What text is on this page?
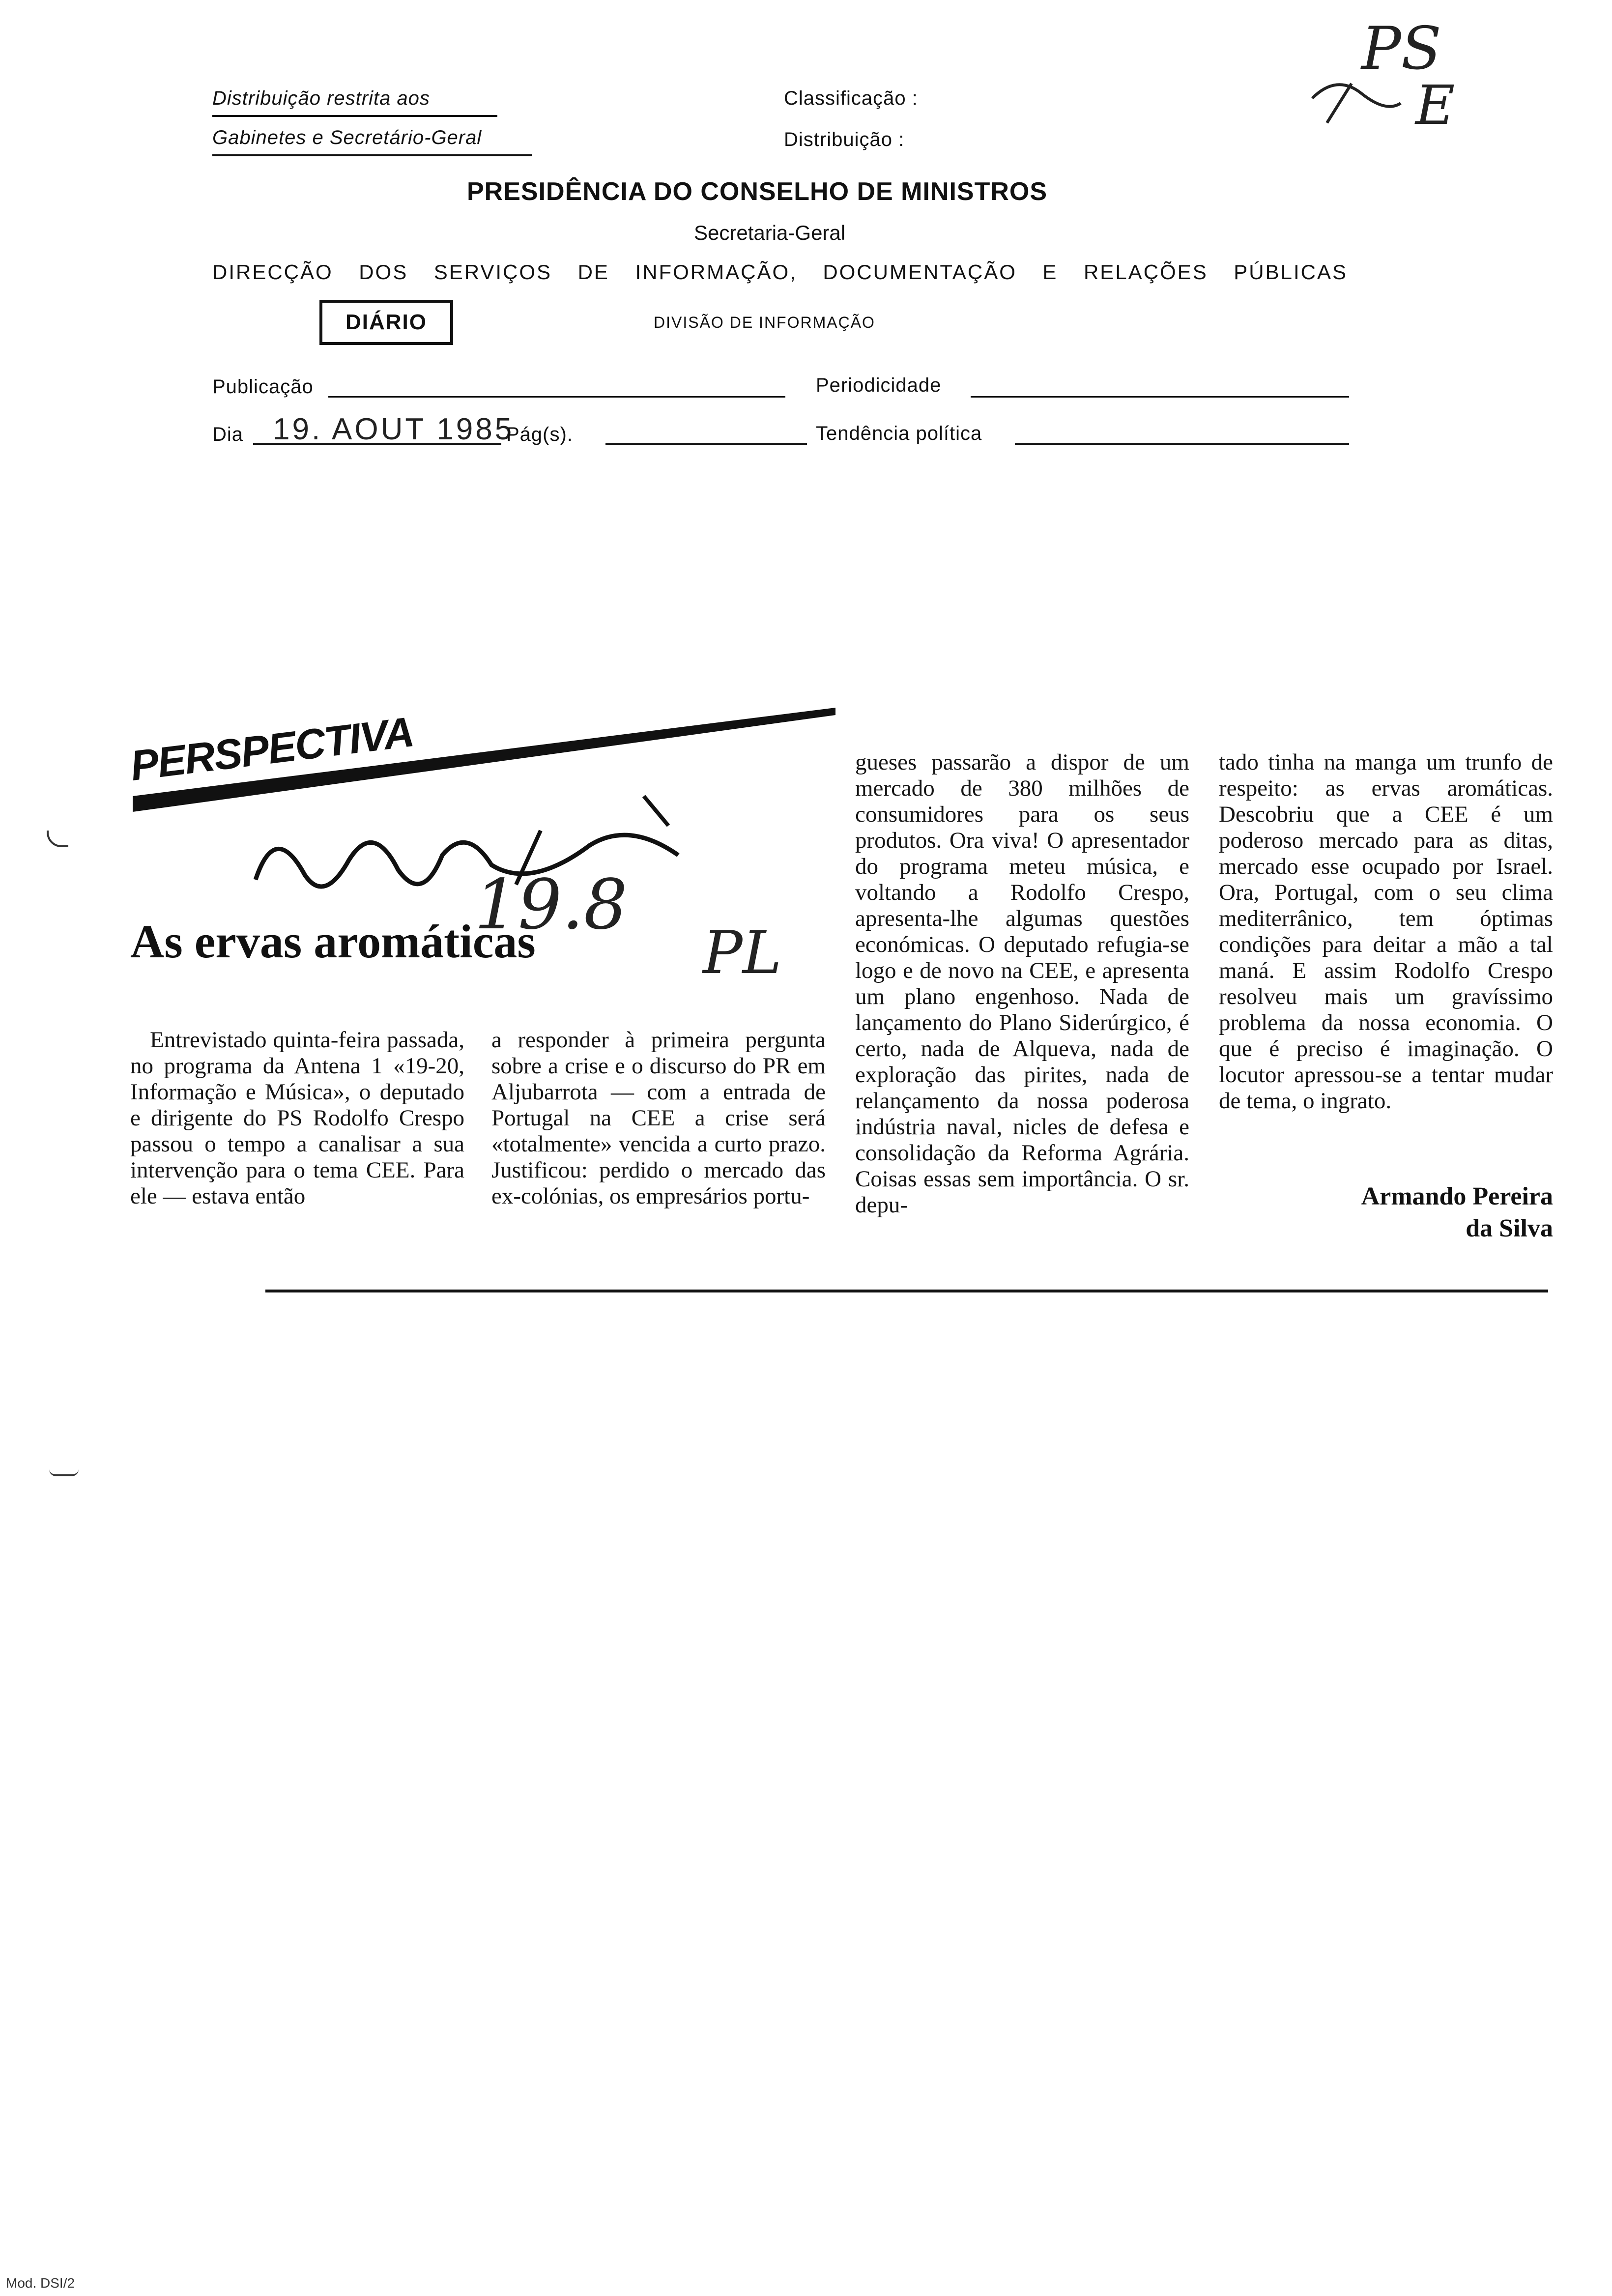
Distribuição restrita aos
Gabinetes e Secretário-Geral
Classificação :
Distribuição :
PRESIDÊNCIA DO CONSELHO DE MINISTROS
Secretaria-Geral
DIRECÇÃO DOS SERVIÇOS DE INFORMAÇÃO, DOCUMENTAÇÃO E RELAÇÕES PÚBLICAS
DIÁRIO	DIVISÃO DE INFORMAÇÃO
Publicação	Periodicidade
Dia 19. AOUT 1985
Pág(s).	Tendência política
PS
E
PERSPECTIVA
19.8
PL
As ervas aromáticas
Entrevistado quinta-feira passada, no programa da Antena 1 «19-20, Informação e Música», o deputado e dirigente do PS Rodolfo Crespo passou o tempo a canalisar a sua intervenção para o tema CEE. Para ele — estava então
a responder à primeira pergunta sobre a crise e o discurso do PR em Aljubarrota — com a entrada de Portugal na CEE a crise será «totalmente» vencida a curto prazo. Justificou: perdido o mercado das ex-colónias, os empresários portu-
gueses passarão a dispor de um mercado de 380 milhões de consumidores para os seus produtos. Ora viva! O apresentador do programa meteu música, e voltando a Rodolfo Crespo, apresenta-lhe algumas questões económicas. O deputado refugia-se logo e de novo na CEE, e apresenta um plano engenhoso. Nada de lançamento do Plano Siderúrgico, é certo, nada de Alqueva, nada de exploração das pirites, nada de relançamento da nossa poderosa indústria naval, nicles de defesa e consolidação da Reforma Agrária. Coisas essas sem importância. O sr. depu-
tado tinha na manga um trunfo de respeito: as ervas aromáticas. Descobriu que a CEE é um poderoso mercado para as ditas, mercado esse ocupado por Israel. Ora, Portugal, com o seu clima mediterrânico, tem óptimas condições para deitar a mão a tal maná. E assim Rodolfo Crespo resolveu mais um gravíssimo problema da nossa economia. O que é preciso é imaginação. O locutor apressou-se a tentar mudar de tema, o ingrato.
Armando Pereira
da Silva
Mod. DSI/2
